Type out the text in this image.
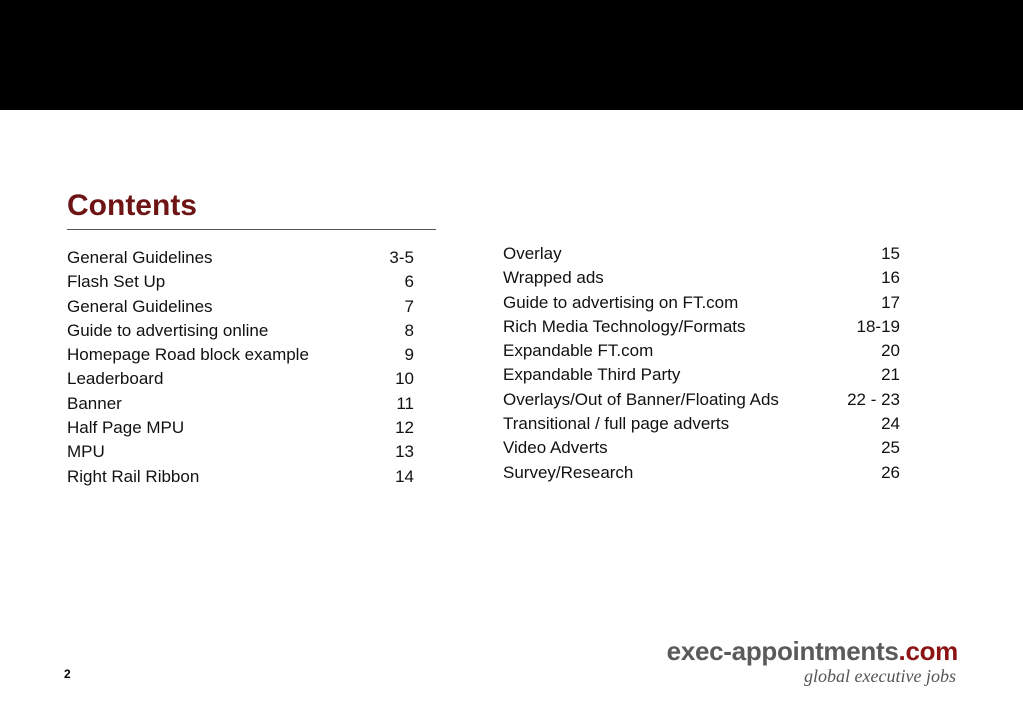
Contents
General Guidelines	3-5
Flash Set Up	6
General Guidelines	7
Guide to advertising online	8
Homepage Road block example	9
Leaderboard	10
Banner	11
Half Page MPU	12
MPU	13
Right Rail Ribbon	14
Overlay	15
Wrapped ads	16
Guide to advertising on FT.com	17
Rich Media Technology/Formats	18-19
Expandable FT.com	20
Expandable Third Party	21
Overlays/Out of Banner/Floating Ads	22 - 23
Transitional / full page adverts	24
Video Adverts	25
Survey/Research	26
2
exec-appointments.com
global executive jobs
